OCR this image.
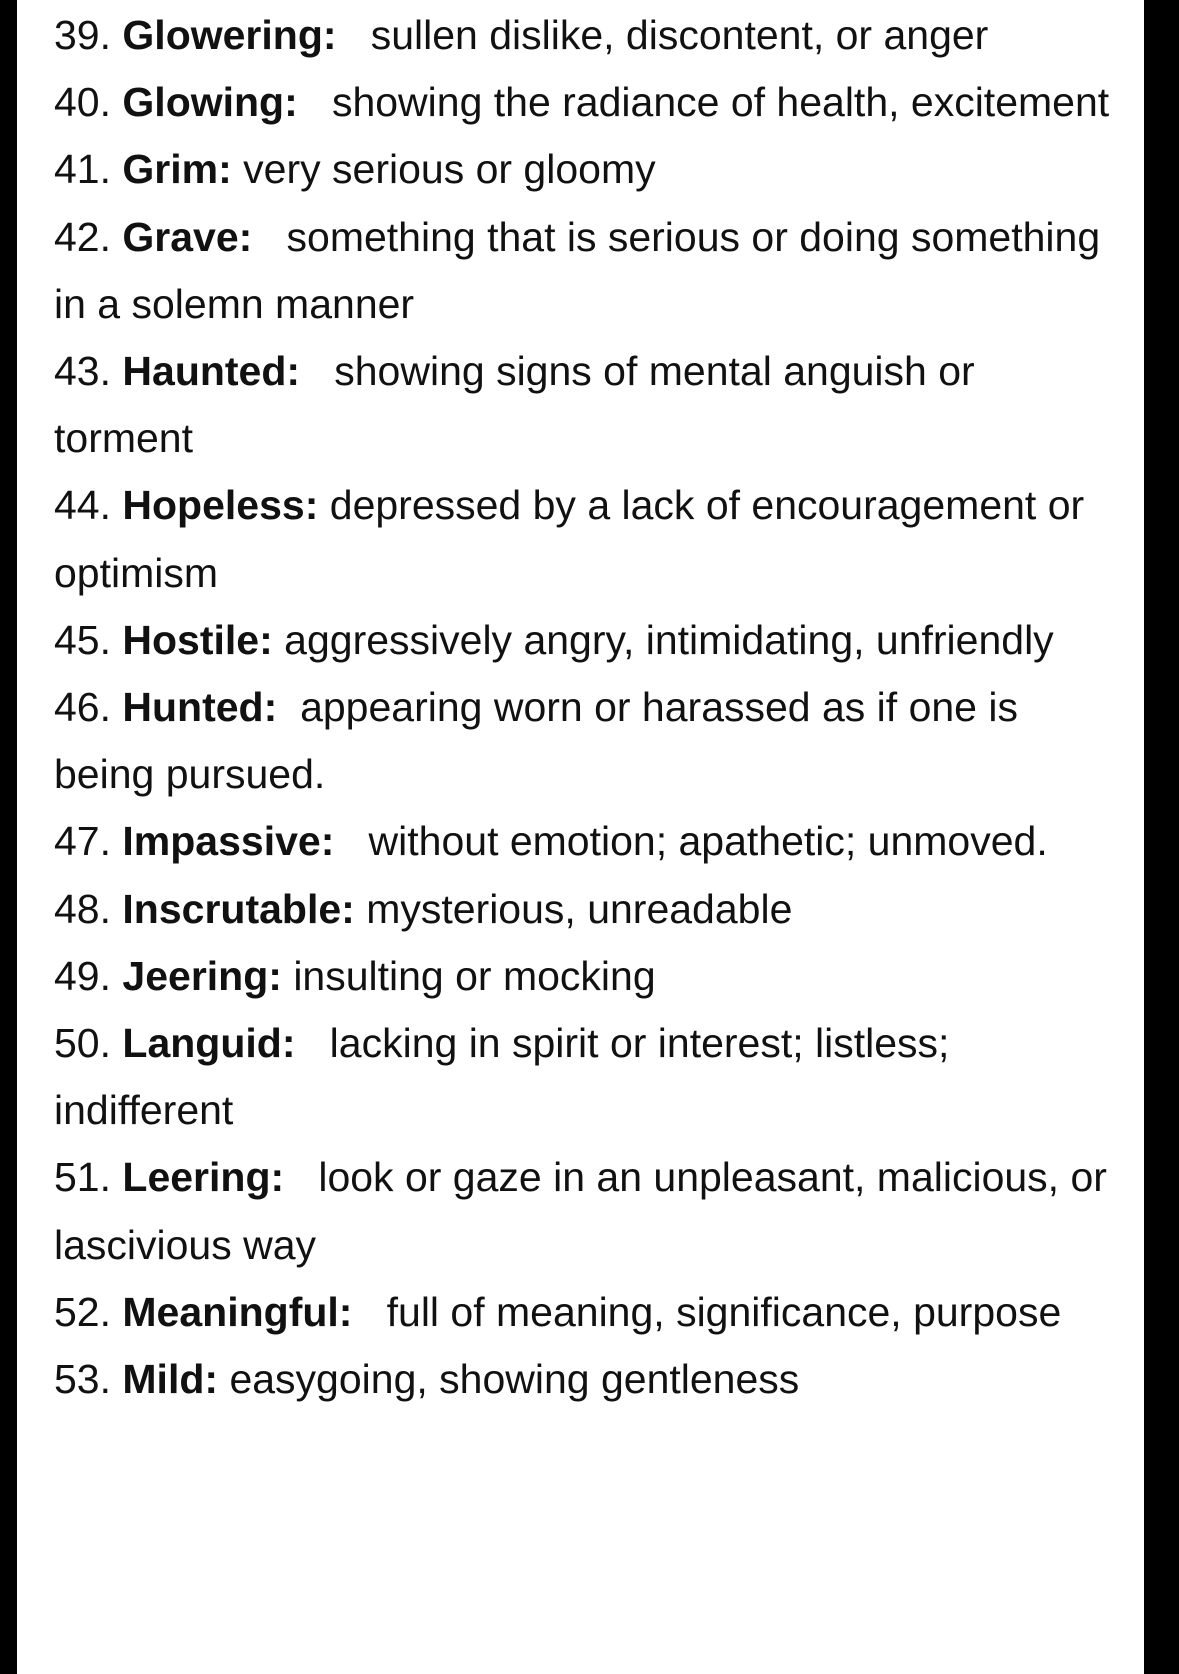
39. Glowering: sullen dislike, discontent, or anger

40. Glowing: showing the radiance of health, excitement

41. Grim: very serious or gloomy

42. Grave: something that is serious or doing something in a solemn manner

43. Haunted: showing signs of mental anguish or torment

44. Hopeless: depressed by a lack of encouragement or optimism

45. Hostile: aggressively angry, intimidating, unfriendly

46. Hunted: appearing worn or harassed as if one is being pursued.

47. Impassive: without emotion; apathetic; unmoved.

48. Inscrutable: mysterious, unreadable

49. Jeering: insulting or mocking

50. Languid: lacking in spirit or interest; listless; indifferent

51. Leering: look or gaze in an unpleasant, malicious, or lascivious way

52. Meaningful: full of meaning, significance, purpose

53. Mild: easygoing, showing gentleness
